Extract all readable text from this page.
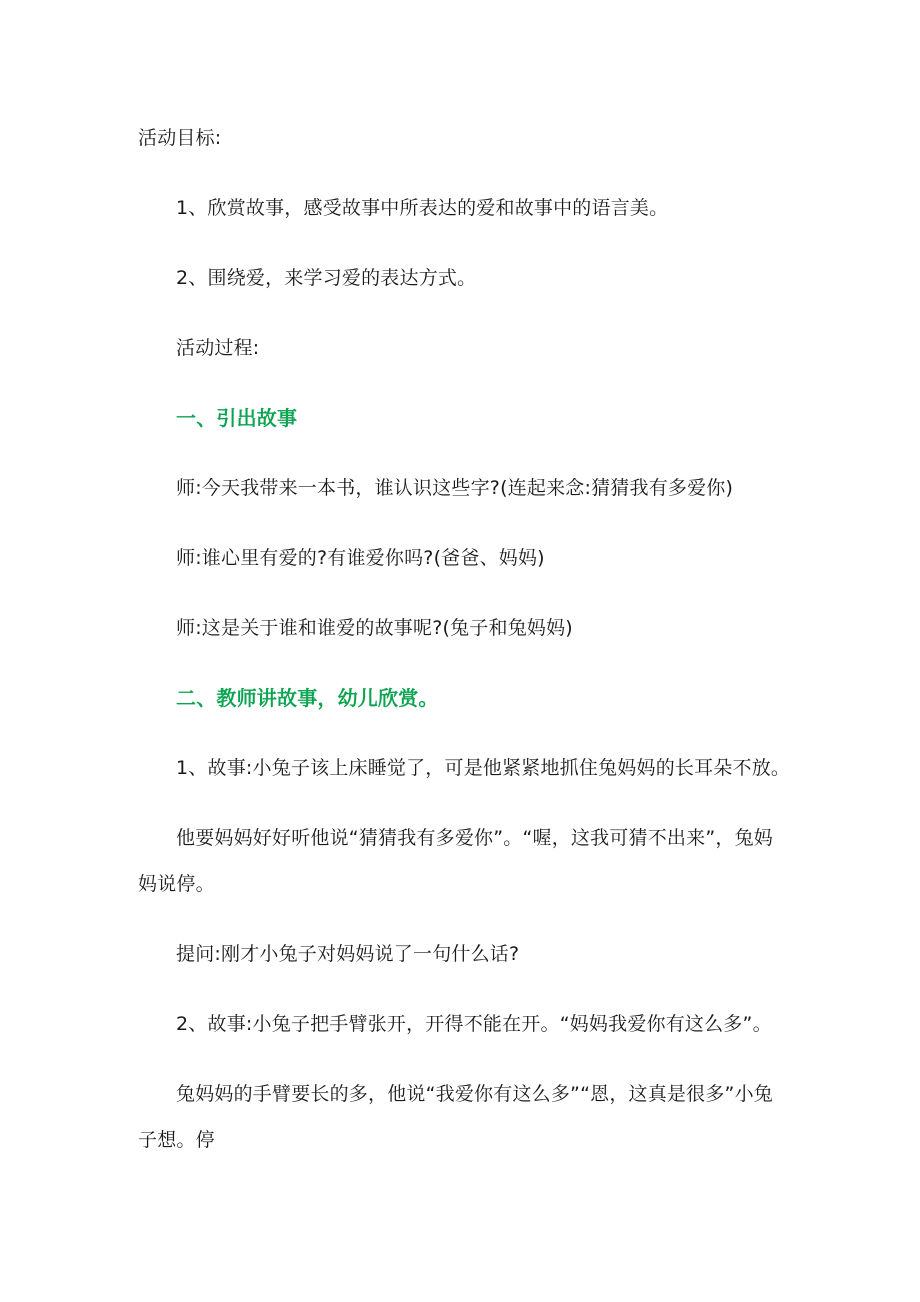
活动目标:
1、欣赏故事，感受故事中所表达的爱和故事中的语言美。
2、围绕爱，来学习爱的表达方式。
活动过程:
一、引出故事
师:今天我带来一本书，谁认识这些字?(连起来念:猜猜我有多爱你)
师:谁心里有爱的?有谁爱你吗?(爸爸、妈妈)
师:这是关于谁和谁爱的故事呢?(兔子和兔妈妈)
二、教师讲故事，幼儿欣赏。
1、故事:小兔子该上床睡觉了，可是他紧紧地抓住兔妈妈的长耳朵不放。
他要妈妈好好听他说“猜猜我有多爱你”。“喔，这我可猜不出来”，兔妈
妈说停。
提问:刚才小兔子对妈妈说了一句什么话?
2、故事:小兔子把手臂张开，开得不能在开。“妈妈我爱你有这么多”。
兔妈妈的手臂要长的多，他说“我爱你有这么多”“恩，这真是很多”小兔
子想。停
